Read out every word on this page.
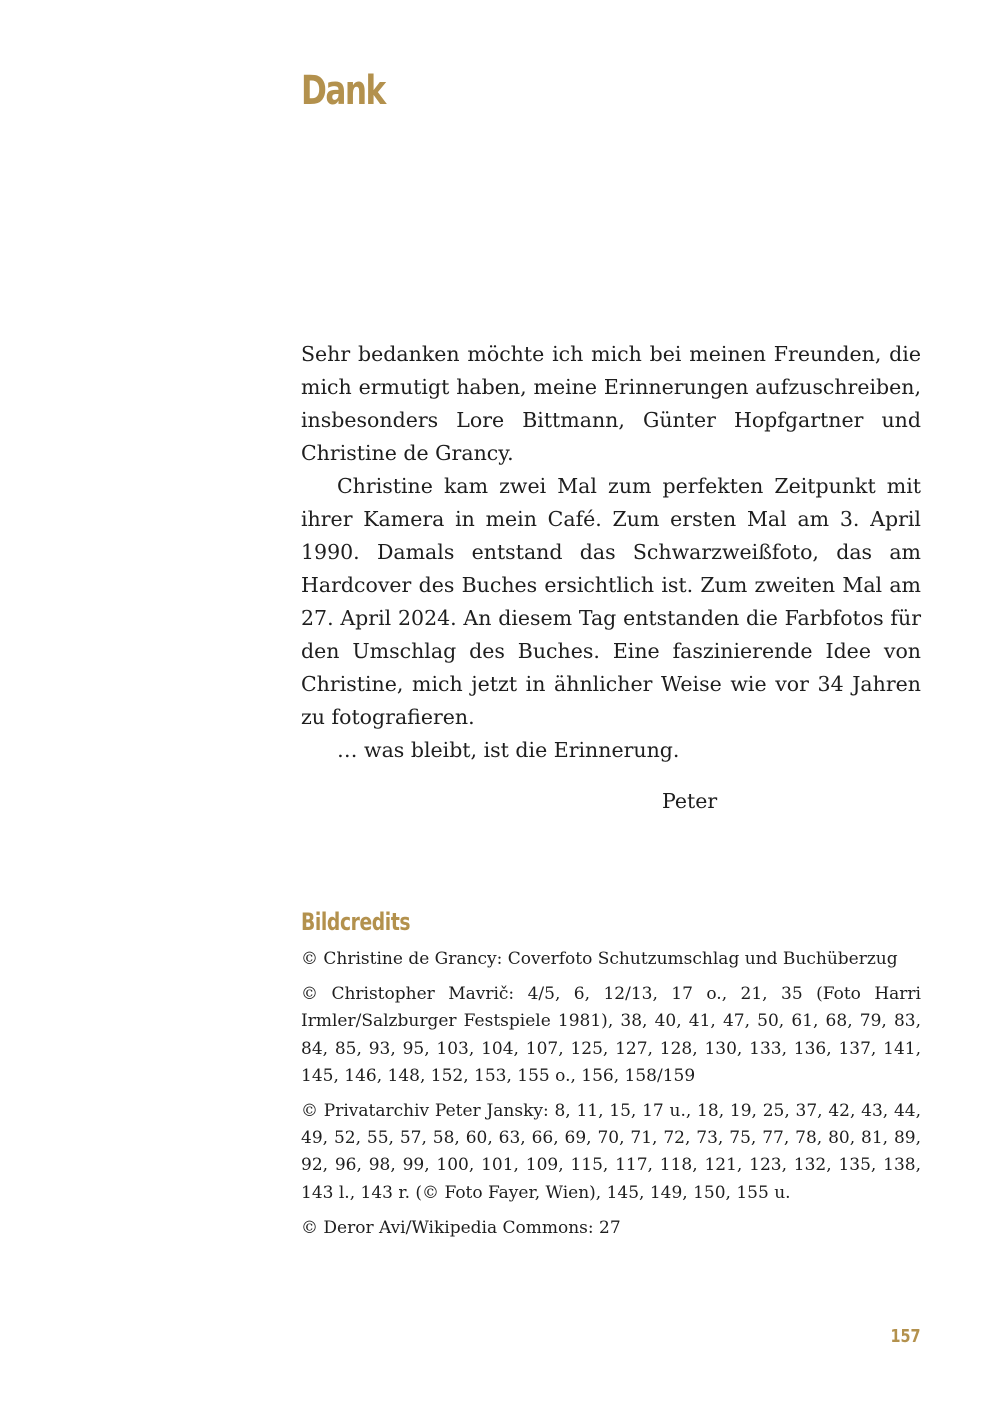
Dank

Sehr bedanken möchte ich mich bei meinen Freunden, die mich ermutigt haben, meine Erinnerungen aufzuschreiben, insbesonders Lore Bittmann, Günter Hopfgartner und Christine de Grancy.

Christine kam zwei Mal zum perfekten Zeitpunkt mit ihrer Kamera in mein Café. Zum ersten Mal am 3. April 1990. Damals entstand das Schwarzweißfoto, das am Hardcover des Buches ersichtlich ist. Zum zweiten Mal am 27. April 2024. An diesem Tag entstanden die Farbfotos für den Umschlag des Buches. Eine faszinierende Idee von Christine, mich jetzt in ähnlicher Weise wie vor 34 Jahren zu fotografieren.

… was bleibt, ist die Erinnerung.
Peter
Bildcredits

© Christine de Grancy: Coverfoto Schutzumschlag und Buchüberzug

© Christopher Mavrič: 4/5, 6, 12/13, 17 o., 21, 35 (Foto Harri Irmler/Salzburger Festspiele 1981), 38, 40, 41, 47, 50, 61, 68, 79, 83, 84, 85, 93, 95, 103, 104, 107, 125, 127, 128, 130, 133, 136, 137, 141, 145, 146, 148, 152, 153, 155 o., 156, 158/159

© Privatarchiv Peter Jansky: 8, 11, 15, 17 u., 18, 19, 25, 37, 42, 43, 44, 49, 52, 55, 57, 58, 60, 63, 66, 69, 70, 71, 72, 73, 75, 77, 78, 80, 81, 89, 92, 96, 98, 99, 100, 101, 109, 115, 117, 118, 121, 123, 132, 135, 138, 143 l., 143 r. (© Foto Fayer, Wien), 145, 149, 150, 155 u.

© Deror Avi/Wikipedia Commons: 27

157
